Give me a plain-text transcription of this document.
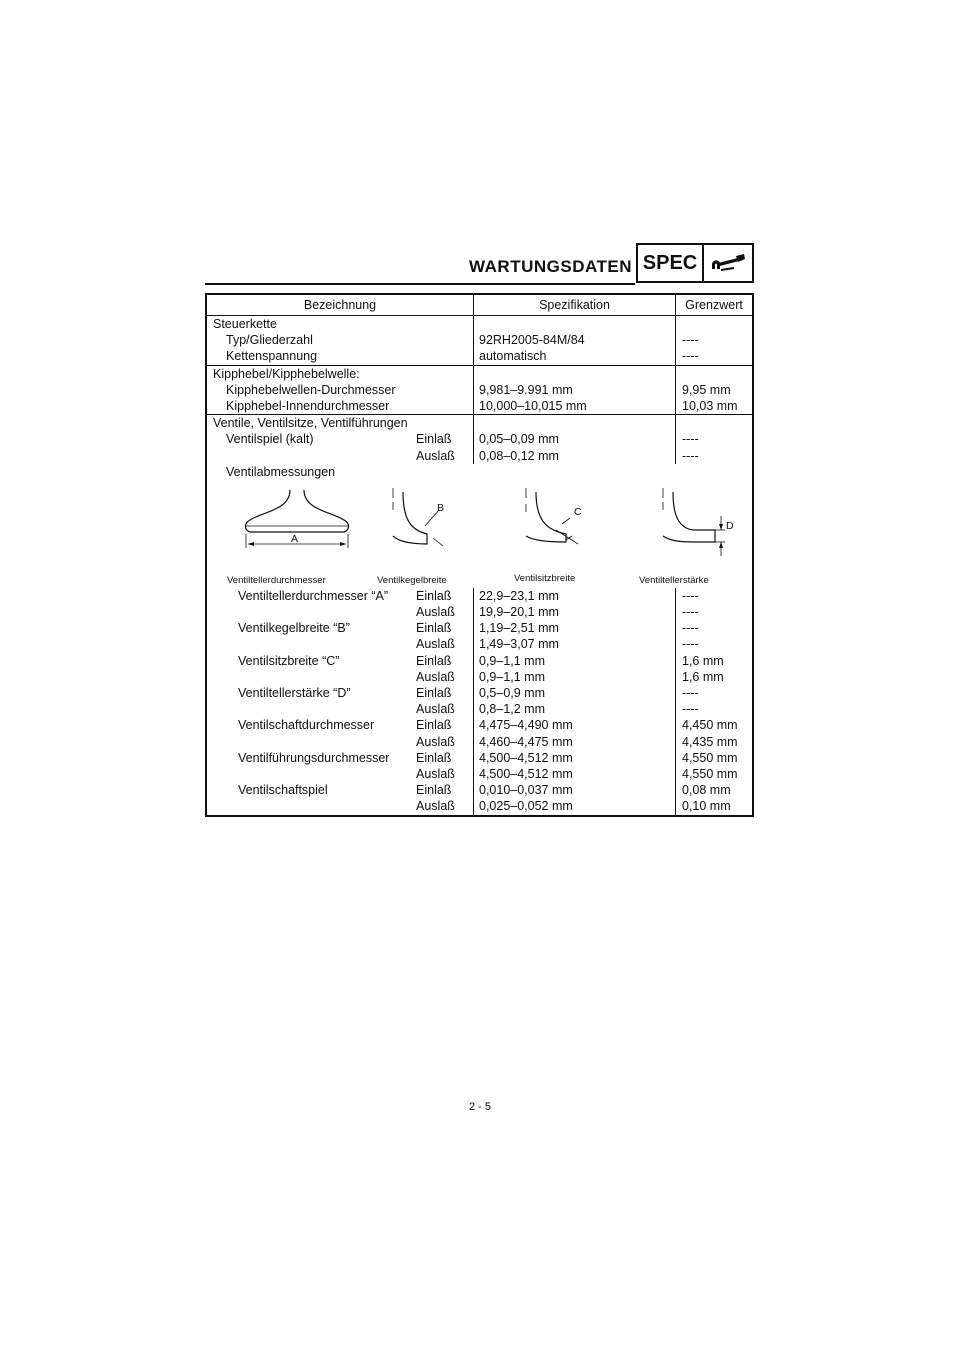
WARTUNGSDATEN SPEC
Bezeichnung	Spezifikation	Grenzwert
Steuerkette
Typ/Gliederzahl	92RH2005-84M/84	----
Kettenspannung	automatisch	----
Kipphebel/Kipphebelwelle:
Kipphebelwellen-Durchmesser	9,981–9.991 mm	9,95 mm
Kipphebel-Innendurchmesser	10,000–10,015 mm	10,03 mm
Ventile, Ventilsitze, Ventilführungen
Ventilspiel (kalt)	Einlaß	0,05–0,09 mm	----
Auslaß	0,08–0,12 mm	----
Ventilabmessungen
A
Ventiltellerdurchmesser
B
Ventilkegelbreite
C
Ventilsitzbreite
D
Ventiltellerstärke
Ventiltellerdurchmesser “A” Einlaß	22,9–23,1 mm	----
Auslaß	19,9–20,1 mm	----
Ventilkegelbreite “B”	Einlaß	1,19–2,51 mm	----
Auslaß	1,49–3,07 mm	----
Ventilsitzbreite “C”	Einlaß	0,9–1,1 mm	1,6 mm
Auslaß	0,9–1,1 mm	1,6 mm
Ventiltellerstärke “D”	Einlaß	0,5–0,9 mm	----
Auslaß	0,8–1,2 mm	----
Ventilschaftdurchmesser	Einlaß	4,475–4,490 mm	4,450 mm
Auslaß	4,460–4,475 mm	4,435 mm
Ventilführungsdurchmesser Einlaß	4,500–4,512 mm	4,550 mm
Auslaß	4,500–4,512 mm	4,550 mm
Ventilschaftspiel	Einlaß	0,010–0,037 mm	0,08 mm
Auslaß	0,025–0,052 mm	0,10 mm
2 - 5
